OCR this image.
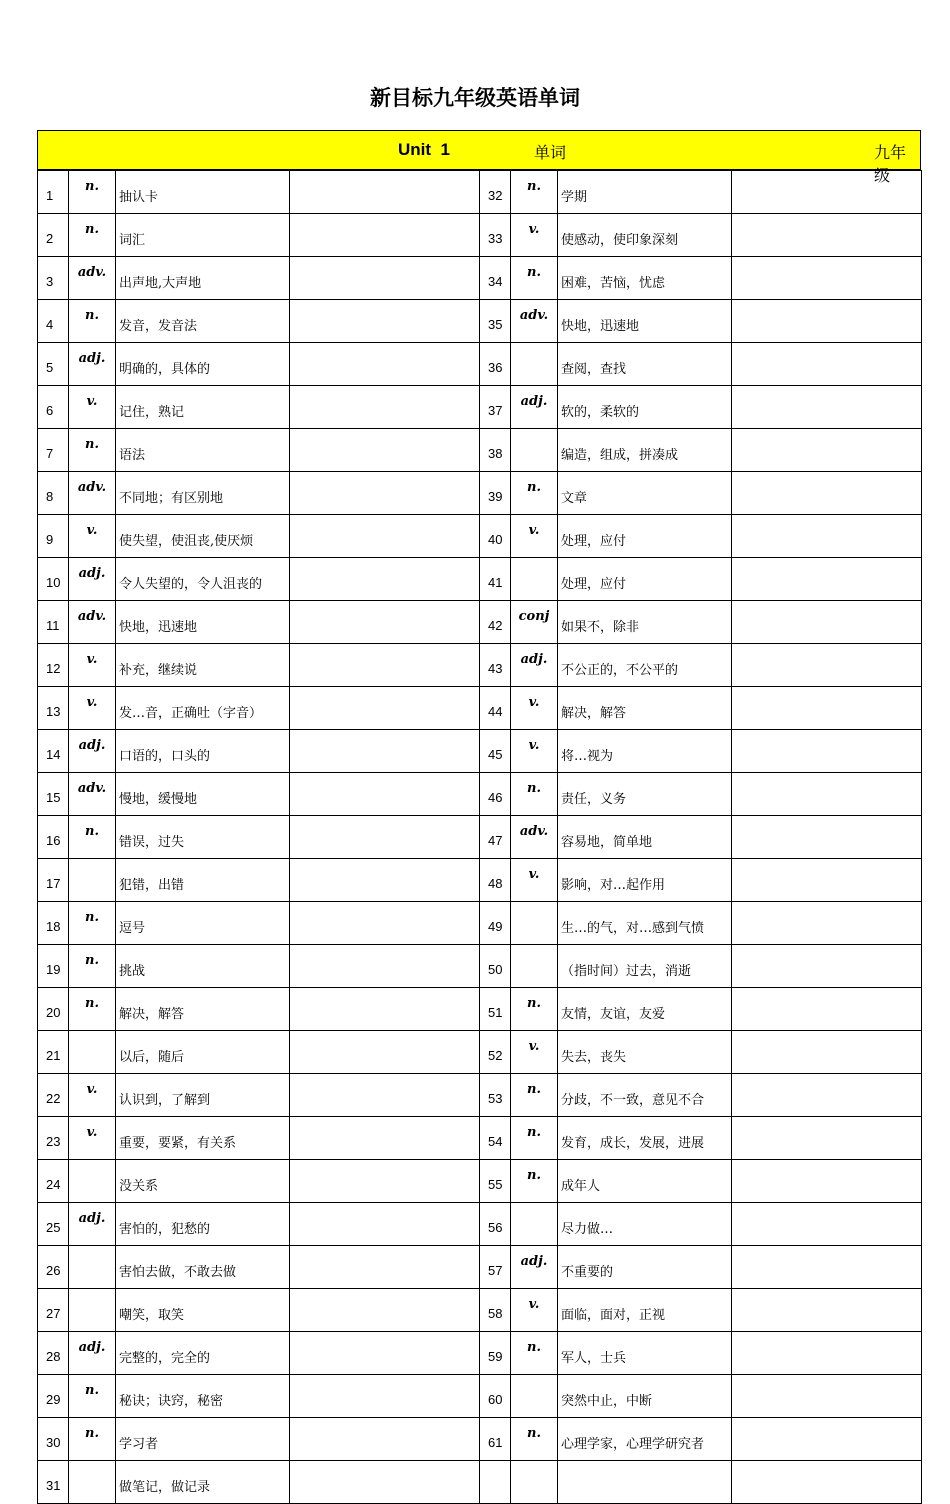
新目标九年级英语单词
Unit  1	单词	九年级
1	n.	抽认卡		32	n.	学期	
2	n.	词汇		33	v.	使感动，使印象深刻	
3	adv.	出声地,大声地		34	n.	困难，苦恼，忧虑	
4	n.	发音，发音法		35	adv.	快地，迅速地	
5	adj.	明确的，具体的		36		查阅，查找	
6	v.	记住，熟记		37	adj.	软的，柔软的	
7	n.	语法		38		编造，组成，拼凑成	
8	adv.	不同地；有区别地		39	n.	文章	
9	v.	使失望，使沮丧,使厌烦		40	v.	处理，应付	
10	adj.	令人失望的，令人沮丧的		41		处理，应付	
11	adv.	快地，迅速地		42	conj	如果不，除非	
12	v.	补充，继续说		43	adj.	不公正的，不公平的	
13	v.	发…音，正确吐（字音）		44	v.	解决，解答	
14	adj.	口语的，口头的		45	v.	将…视为	
15	adv.	慢地，缓慢地		46	n.	责任，义务	
16	n.	错误，过失		47	adv.	容易地，简单地	
17		犯错，出错		48	v.	影响，对…起作用	
18	n.	逗号		49		生…的气，对…感到气愤	
19	n.	挑战		50		（指时间）过去，消逝	
20	n.	解决，解答		51	n.	友情，友谊，友爱	
21		以后，随后		52	v.	失去，丧失	
22	v.	认识到，了解到		53	n.	分歧，不一致，意见不合	
23	v.	重要，要紧，有关系		54	n.	发育，成长，发展，进展	
24		没关系		55	n.	成年人	
25	adj.	害怕的，犯愁的		56		尽力做…	
26		害怕去做，不敢去做		57	adj.	不重要的	
27		嘲笑，取笑		58	v.	面临，面对，正视	
28	adj.	完整的，完全的		59	n.	军人，士兵	
29	n.	秘诀；诀窍，秘密		60		突然中止，中断	
30	n.	学习者		61	n.	心理学家，心理学研究者	
31		做笔记，做记录					
